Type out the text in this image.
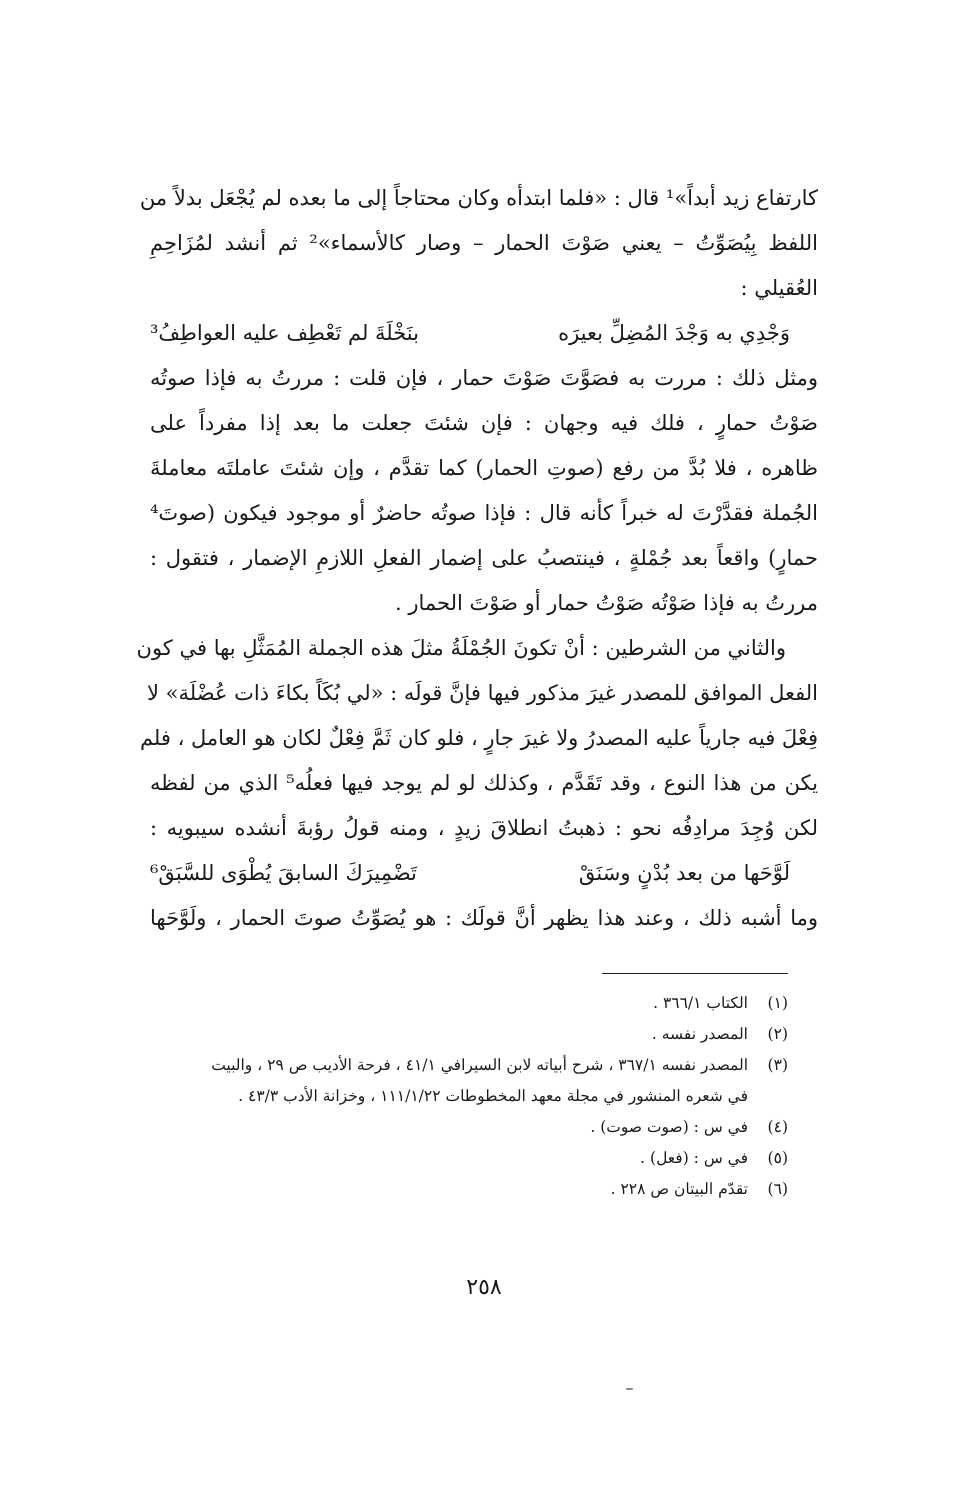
كارتفاع زيد أبداً»¹ قال : «فلما ابتدأه وكان محتاجاً إلى ما بعده لم يُجْعَل بدلاً من
اللفظ بِيُصَوِّتُ – يعني صَوْتَ الحمار – وصار كالأسماء»² ثم أنشد لمُزَاحِمِ
العُقيلي :
وَجْدِي به وَجْدَ المُضِلِّ بعيرَه
بنَخْلَةَ لم تَعْطِف عليه العواطِفُ³
ومثل ذلك : مررت به فصَوَّتَ صَوْتَ حمار ، فإن قلت : مررتُ به فإذا صوتُه
صَوْتُ حمارٍ ، فلك فيه وجهان : فإن شئتَ جعلت ما بعد إذا مفرداً على
ظاهره ، فلا بُدَّ من رفع (صوتِ الحمار) كما تقدَّم ، وإن شئتَ عاملتَه معاملةَ
الجُملة فقدَّرْتَ له خبراً كأنه قال : فإذا صوتُه حاضرٌ أو موجود فيكون (صوتَ⁴
حمارٍ) واقعاً بعد جُمْلةٍ ، فينتصبُ على إضمار الفعلِ اللازمِ الإضمار ، فتقول :
مررتُ به فإذا صَوْتُه صَوْتُ حمار أو صَوْتَ الحمار .
والثاني من الشرطين : أنْ تكونَ الجُمْلَةُ مثلَ هذه الجملة المُمَثَّلِ بها في كون
الفعل الموافق للمصدر غيرَ مذكور فيها فإنَّ قولَه : «لي بُكَاً بكاءَ ذات عُضْلَة» لا
فِعْلَ فيه جارياً عليه المصدرُ ولا غيرَ جارٍ ، فلو كان ثَمَّ فِعْلٌ لكان هو العامل ، فلم
يكن من هذا النوع ، وقد تَقَدَّم ، وكذلك لو لم يوجد فيها فعلُه⁵ الذي من لفظه
لكن وُجِدَ مرادِفُه نحو : ذهبتُ انطلاقَ زيدٍ ، ومنه قولُ رؤبةَ أنشده سيبويه :
لَوَّحَها من بعد بُدْنٍ وسَنَقْ
تَضْمِيرَكَ السابقَ يُطْوَى للسَّبَقْ⁶
وما أشبه ذلك ، وعند هذا يظهر أنَّ قولَك : هو يُصَوِّتُ صوتَ الحمار ، ولَوَّحَها
(١)
الكتاب ٣٦٦/١ .
(٢)
المصدر نفسه .
(٣)
المصدر نفسه ٣٦٧/١ ، شرح أبياته لابن السيرافي ٤١/١ ، فرحة الأديب ص ٢٩ ، والبيت
في شعره المنشور في مجلة معهد المخطوطات ١١١/١/٢٢ ، وخزانة الأدب ٤٣/٣ .
(٤)
في س : (صوت صوت) .
(٥)
في س : (فعل) .
(٦)
تقدّم البيتان ص ٢٢٨ .
٢٥٨
